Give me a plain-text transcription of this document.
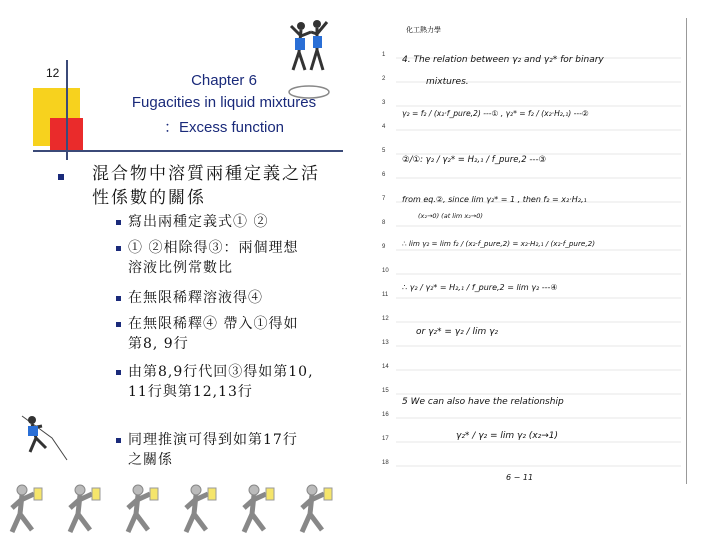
12	Chapter 6
Fugacities in liquid mixtures
：Excess function
混合物中溶質兩種定義之活
性係數的關係
寫出兩種定義式① ②
① ②相除得③：兩個理想
溶液比例常數比
在無限稀釋溶液得④
在無限稀釋④ 帶入①得如
第8, 9行
由第8,9行代回③得如第10,
11行與第12,13行
同理推演可得到如第17行
之關係
1
2
3
4
5
6
7
8
9
10
11
12
13
14
15
16
17
18
化工熱力學
4. The relation between γ₂ and γ₂* for binary
mixtures.
γ₂ = f₂ / (x₂·f_pure,2) ---① , γ₂* = f₂ / (x₂·H₂,₁) ---②
②/①: γ₂ / γ₂* = H₂,₁ / f_pure,2 ---③
from eq.②, since lim γ₂* = 1 , then f₂ = x₂·H₂,₁
(x₂→0) (at lim x₂→0)
∴ lim γ₂ = lim f₂ / (x₂·f_pure,2) = x₂·H₂,₁ / (x₂·f_pure,2)
∴ γ₂ / γ₂* = H₂,₁ / f_pure,2 = lim γ₂ ---④
or γ₂* = γ₂ / lim γ₂
5 We can also have the relationship
γ₂* / γ₂ = lim γ₂ (x₂→1)
6 − 11
